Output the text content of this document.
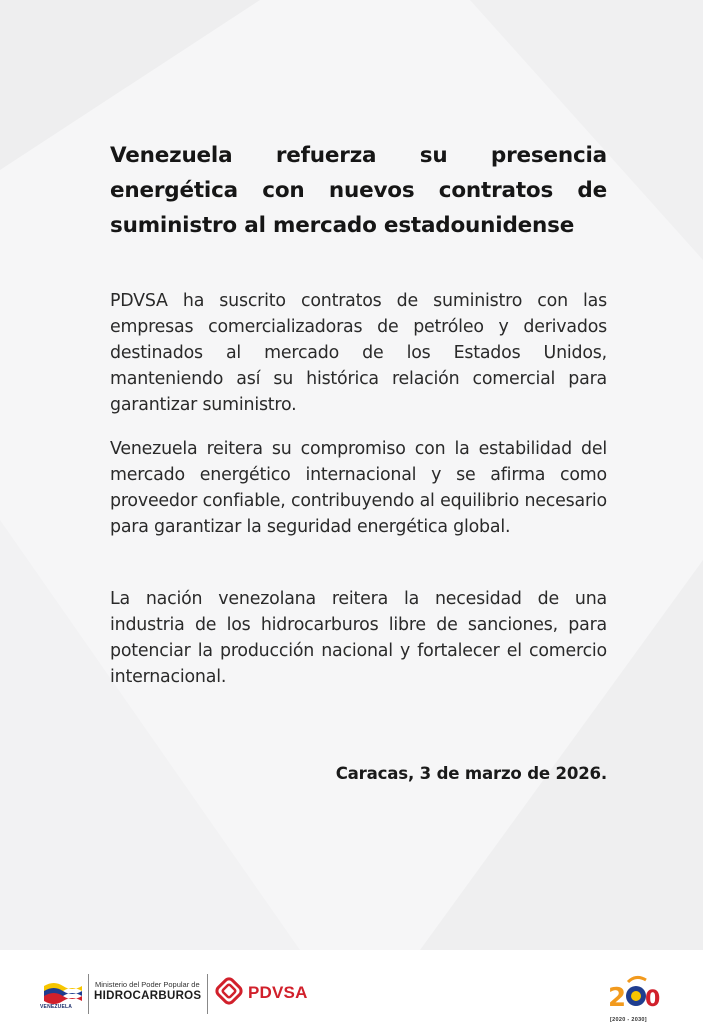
Venezuela refuerza su presencia energética con nuevos contratos de suministro al mercado estadounidense

PDVSA ha suscrito contratos de suministro con las empresas comercializadoras de petróleo y derivados destinados al mercado de los Estados Unidos, manteniendo así su histórica relación comercial para garantizar suministro.

Venezuela reitera su compromiso con la estabilidad del mercado energético internacional y se afirma como proveedor confiable, contribuyendo al equilibrio necesario para garantizar la seguridad energética global.

La nación venezolana reitera la necesidad de una industria de los hidrocarburos libre de sanciones, para potenciar la producción nacional y fortalecer el comercio internacional.

Caracas, 3 de marzo de 2026.

VENEZUELA
Ministerio del Poder Popular de
HIDROCARBUROS	PDVSA	2 0
[2020 - 2030]
